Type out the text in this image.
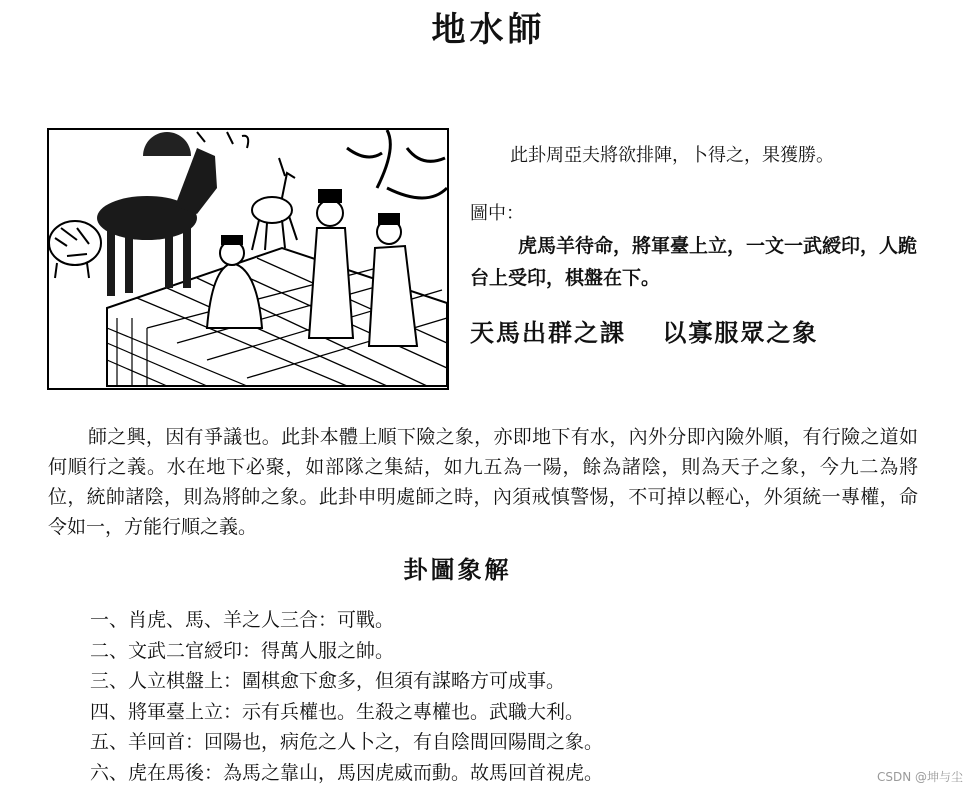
地水師
此卦周亞夫將欲排陣，卜得之，果獲勝。
圖中：
虎馬羊待命，將軍臺上立，一文一武綬印，人跪台上受印，棋盤在下。
天馬出群之課　 以寡服眾之象
師之興，因有爭議也。此卦本體上順下險之象，亦即地下有水，內外分即內險外順，有行險之道如何順行之義。水在地下必聚，如部隊之集結，如九五為一陽，餘為諸陰，則為天子之象，今九二為將位，統帥諸陰，則為將帥之象。此卦申明處師之時，內須戒慎警惕，不可掉以輕心，外須統一專權，命令如一，方能行順之義。
卦圖象解
一、肖虎、馬、羊之人三合：可戰。
二、文武二官綬印：得萬人服之帥。
三、人立棋盤上：圍棋愈下愈多，但須有謀略方可成事。
四、將軍臺上立：示有兵權也。生殺之專權也。武職大利。
五、羊回首：回陽也，病危之人卜之，有自陰間回陽間之象。
六、虎在馬後：為馬之靠山，馬因虎威而動。故馬回首視虎。	CSDN @坤与尘
